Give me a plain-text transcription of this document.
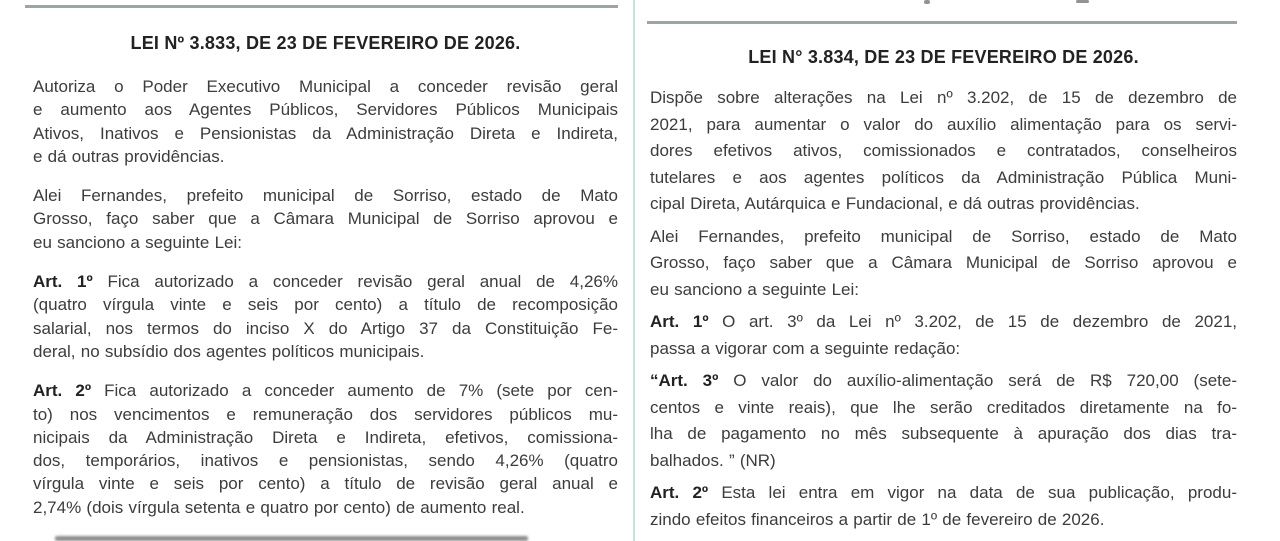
LEI Nº 3.833, DE 23 DE FEVEREIRO DE 2026.

Autoriza o Poder Executivo Municipal a conceder revisão geral
e aumento aos Agentes Públicos, Servidores Públicos Municipais
Ativos, Inativos e Pensionistas da Administração Direta e Indireta,
e dá outras providências.

Alei Fernandes, prefeito municipal de Sorriso, estado de Mato
Grosso, faço saber que a Câmara Municipal de Sorriso aprovou e
eu sanciono a seguinte Lei:

Art. 1º Fica autorizado a conceder revisão geral anual de 4,26%
(quatro vírgula vinte e seis por cento) a título de recomposição
salarial, nos termos do inciso X do Artigo 37 da Constituição Fe-
deral, no subsídio dos agentes políticos municipais.

Art. 2º Fica autorizado a conceder aumento de 7% (sete por cen-
to) nos vencimentos e remuneração dos servidores públicos mu-
nicipais da Administração Direta e Indireta, efetivos, comissiona-
dos, temporários, inativos e pensionistas, sendo 4,26% (quatro
vírgula vinte e seis por cento) a título de revisão geral anual e
2,74% (dois vírgula setenta e quatro por cento) de aumento real.

LEI N° 3.834, DE 23 DE FEVEREIRO DE 2026.

Dispõe sobre alterações na Lei nº 3.202, de 15 de dezembro de
2021, para aumentar o valor do auxílio alimentação para os servi-
dores efetivos ativos, comissionados e contratados, conselheiros
tutelares e aos agentes políticos da Administração Pública Muni-
cipal Direta, Autárquica e Fundacional, e dá outras providências.

Alei Fernandes, prefeito municipal de Sorriso, estado de Mato
Grosso, faço saber que a Câmara Municipal de Sorriso aprovou e
eu sanciono a seguinte Lei:

Art. 1º O art. 3º da Lei nº 3.202, de 15 de dezembro de 2021,
passa a vigorar com a seguinte redação:

“Art. 3º O valor do auxílio-alimentação será de R$ 720,00 (sete-
centos e vinte reais), que lhe serão creditados diretamente na fo-
lha de pagamento no mês subsequente à apuração dos dias tra-
balhados. ” (NR)

Art. 2º Esta lei entra em vigor na data de sua publicação, produ-
zindo efeitos financeiros a partir de 1º de fevereiro de 2026.
